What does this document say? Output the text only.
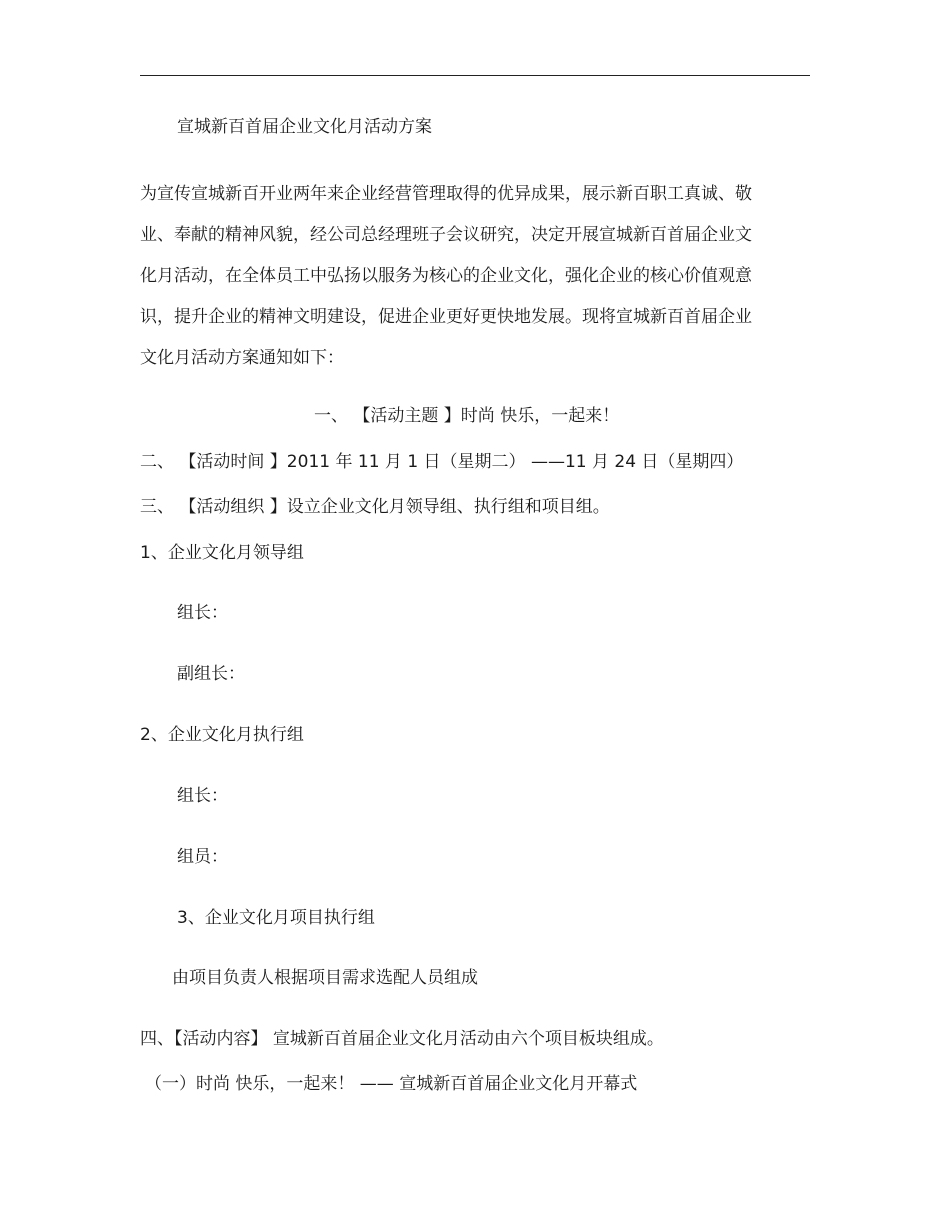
宣城新百首届企业文化月活动方案
为宣传宣城新百开业两年来企业经营管理取得的优异成果，展示新百职工真诚、敬
业、奉献的精神风貌，经公司总经理班子会议研究，决定开展宣城新百首届企业文
化月活动，在全体员工中弘扬以服务为核心的企业文化，强化企业的核心价值观意
识，提升企业的精神文明建设，促进企业更好更快地发展。现将宣城新百首届企业
文化月活动方案通知如下：
一、 【活动主题 】时尚 快乐，一起来！
二、 【活动时间 】2011 年 11 月 1 日（星期二） ——11 月 24 日（星期四）
三、 【活动组织 】设立企业文化月领导组、执行组和项目组。
1、企业文化月领导组
组长：
副组长：
2、企业文化月执行组
组长：
组员：
3、企业文化月项目执行组
由项目负责人根据项目需求选配人员组成
四、【活动内容】 宣城新百首届企业文化月活动由六个项目板块组成。
（一）时尚 快乐，一起来！ —— 宣城新百首届企业文化月开幕式
